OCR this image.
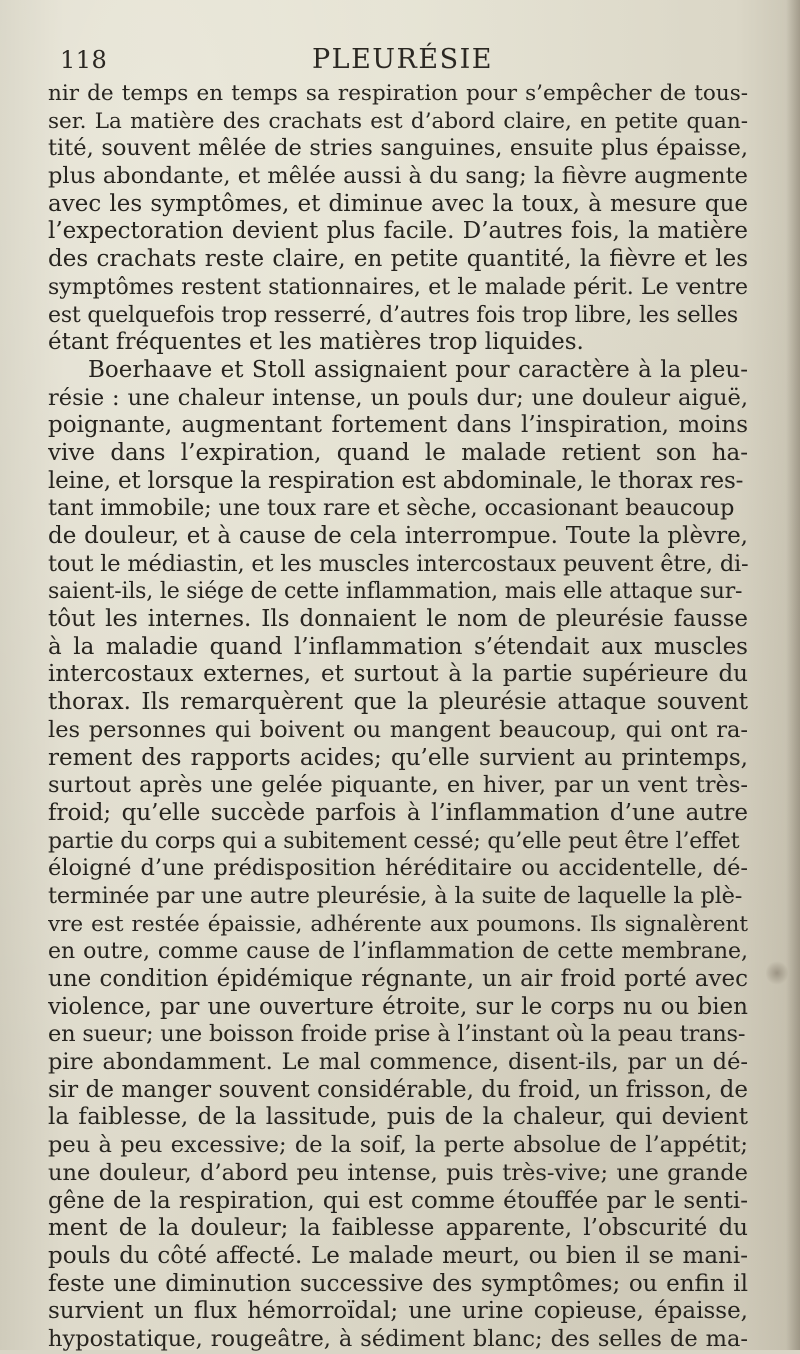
118	PLEURÉSIE
nir de temps en temps sa respiration pour s’empêcher de tous-
ser. La matière des crachats est d’abord claire, en petite quan-
tité, souvent mêlée de stries sanguines, ensuite plus épaisse,
plus abondante, et mêlée aussi à du sang; la fièvre augmente
avec les symptômes, et diminue avec la toux, à mesure que
l’expectoration devient plus facile. D’autres fois, la matière
des crachats reste claire, en petite quantité, la fièvre et les
symptômes restent stationnaires, et le malade périt. Le ventre
est quelquefois trop resserré, d’autres fois trop libre, les selles
étant fréquentes et les matières trop liquides.
Boerhaave et Stoll assignaient pour caractère à la pleu-
résie : une chaleur intense, un pouls dur; une douleur aiguë,
poignante, augmentant fortement dans l’inspiration, moins
vive dans l’expiration, quand le malade retient son ha-
leine, et lorsque la respiration est abdominale, le thorax res-
tant immobile; une toux rare et sèche, occasionant beaucoup
de douleur, et à cause de cela interrompue. Toute la plèvre,
tout le médiastin, et les muscles intercostaux peuvent être, di-
saient-ils, le siége de cette inflammation, mais elle attaque sur-
tôut les internes. Ils donnaient le nom de pleurésie fausse
à la maladie quand l’inflammation s’étendait aux muscles
intercostaux externes, et surtout à la partie supérieure du
thorax. Ils remarquèrent que la pleurésie attaque souvent
les personnes qui boivent ou mangent beaucoup, qui ont ra-
rement des rapports acides; qu’elle survient au printemps,
surtout après une gelée piquante, en hiver, par un vent très-
froid; qu’elle succède parfois à l’inflammation d’une autre
partie du corps qui a subitement cessé; qu’elle peut être l’effet
éloigné d’une prédisposition héréditaire ou accidentelle, dé-
terminée par une autre pleurésie, à la suite de laquelle la plè-
vre est restée épaissie, adhérente aux poumons. Ils signalèrent
en outre, comme cause de l’inflammation de cette membrane,
une condition épidémique régnante, un air froid porté avec
violence, par une ouverture étroite, sur le corps nu ou bien
en sueur; une boisson froide prise à l’instant où la peau trans-
pire abondamment. Le mal commence, disent-ils, par un dé-
sir de manger souvent considérable, du froid, un frisson, de
la faiblesse, de la lassitude, puis de la chaleur, qui devient
peu à peu excessive; de la soif, la perte absolue de l’appétit;
une douleur, d’abord peu intense, puis très-vive; une grande
gêne de la respiration, qui est comme étouffée par le senti-
ment de la douleur; la faiblesse apparente, l’obscurité du
pouls du côté affecté. Le malade meurt, ou bien il se mani-
feste une diminution successive des symptômes; ou enfin il
survient un flux hémorroïdal; une urine copieuse, épaisse,
hypostatique, rougeâtre, à sédiment blanc; des selles de ma-
